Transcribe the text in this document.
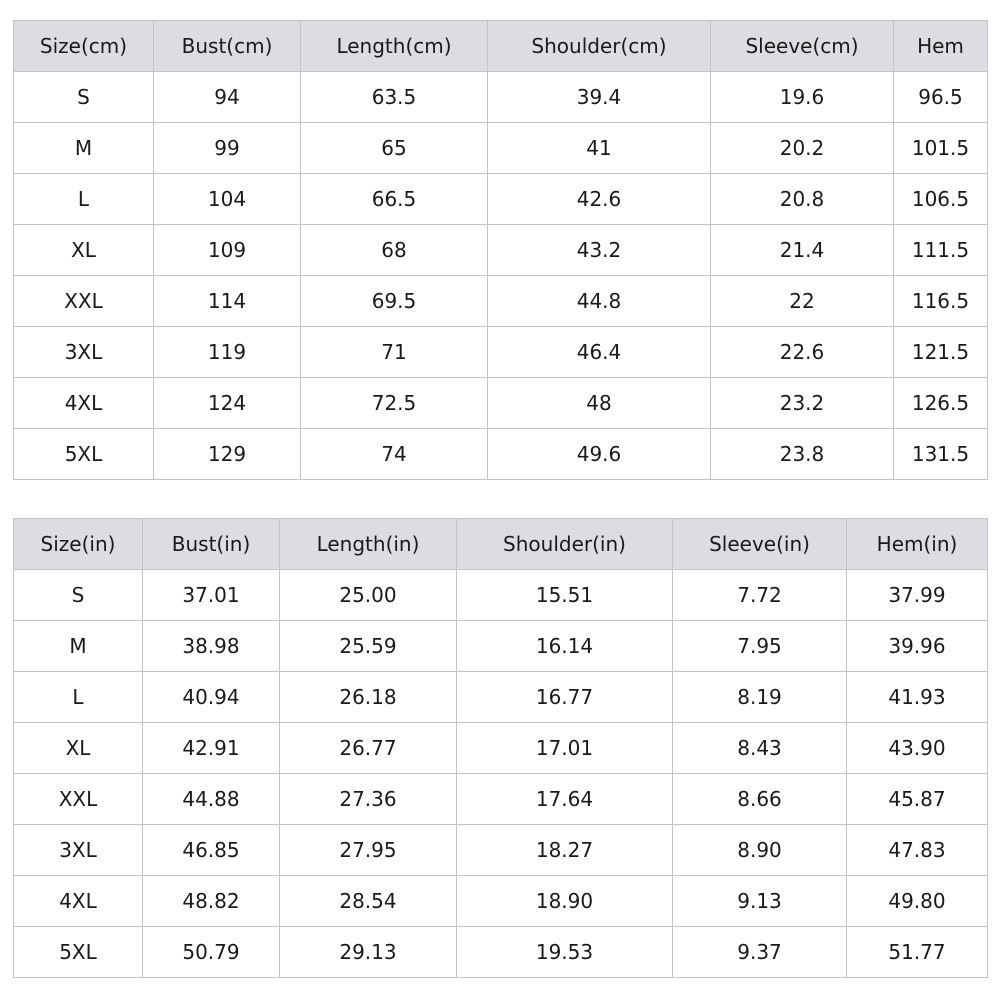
Size(cm)	Bust(cm)	Length(cm)	Shoulder(cm)	Sleeve(cm)	Hem
S	94	63.5	39.4	19.6	96.5
M	99	65	41	20.2	101.5
L	104	66.5	42.6	20.8	106.5
XL	109	68	43.2	21.4	111.5
XXL	114	69.5	44.8	22	116.5
3XL	119	71	46.4	22.6	121.5
4XL	124	72.5	48	23.2	126.5
5XL	129	74	49.6	23.8	131.5
Size(in)	Bust(in)	Length(in)	Shoulder(in)	Sleeve(in)	Hem(in)
S	37.01	25.00	15.51	7.72	37.99
M	38.98	25.59	16.14	7.95	39.96
L	40.94	26.18	16.77	8.19	41.93
XL	42.91	26.77	17.01	8.43	43.90
XXL	44.88	27.36	17.64	8.66	45.87
3XL	46.85	27.95	18.27	8.90	47.83
4XL	48.82	28.54	18.90	9.13	49.80
5XL	50.79	29.13	19.53	9.37	51.77
